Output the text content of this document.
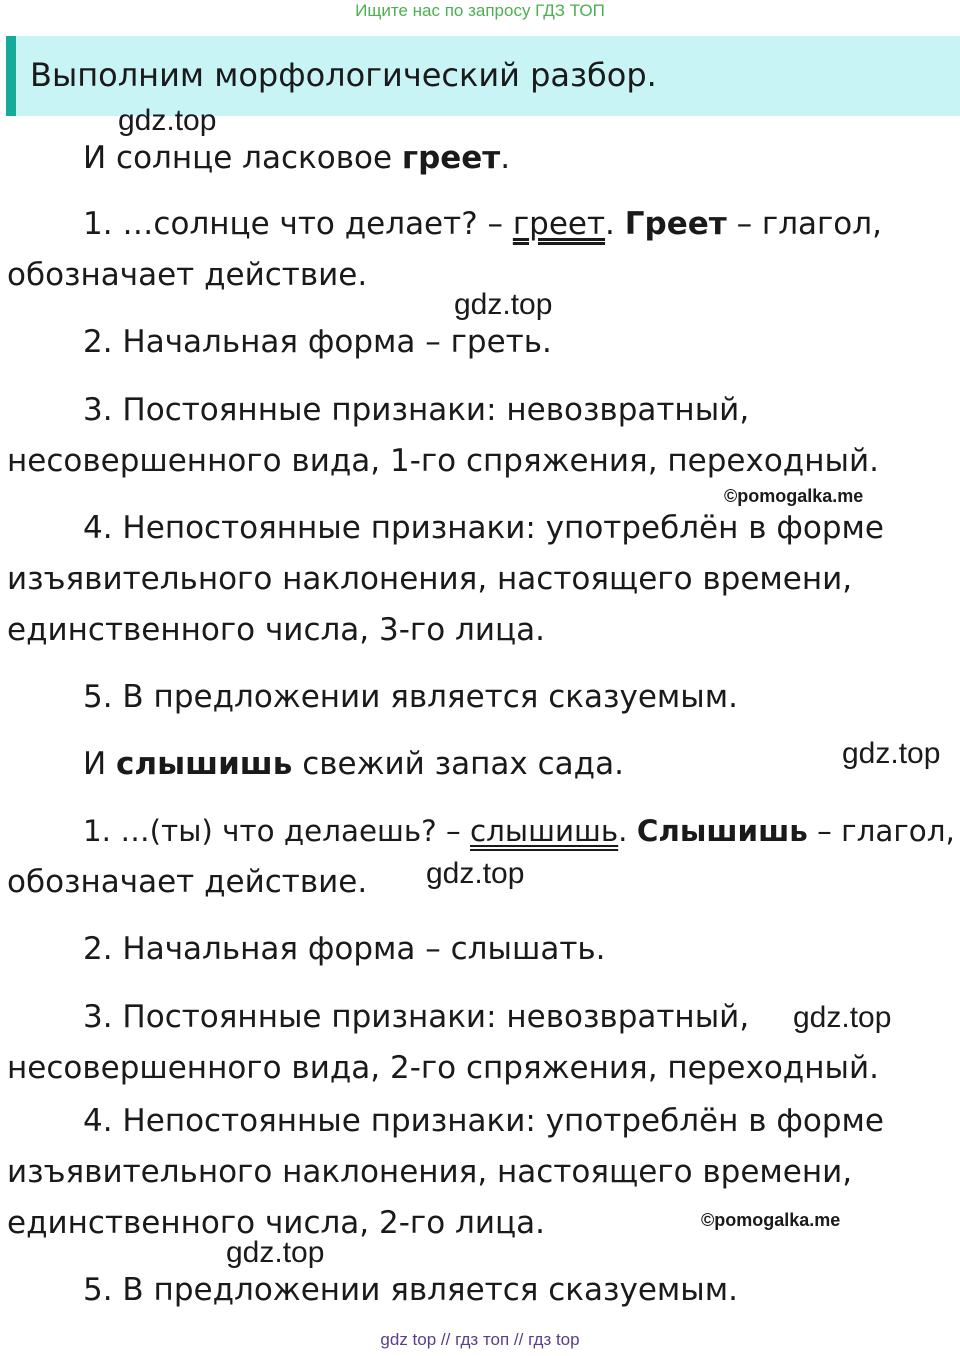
Ищите нас по запросу ГДЗ ТОП
Выполним морфологический разбор.
gdz.top
gdz.top
©pomogalka.me
gdz.top
gdz.top
gdz.top
©pomogalka.me
gdz.top
И солнце ласковое греет.
1. …солнце что делает? – греет. Греет – глагол,
обозначает действие.
2. Начальная форма – греть.
3. Постоянные признаки: невозвратный,
несовершенного вида, 1-го спряжения, переходный.
4. Непостоянные признаки: употреблён в форме
изъявительного наклонения, настоящего времени,
единственного числа, 3-го лица.
5. В предложении является сказуемым.
И слышишь свежий запах сада.
1. …(ты) что делаешь? – слышишь. Слышишь – глагол,
обозначает действие.
2. Начальная форма – слышать.
3. Постоянные признаки: невозвратный,
несовершенного вида, 2-го спряжения, переходный.
4. Непостоянные признаки: употреблён в форме
изъявительного наклонения, настоящего времени,
единственного числа, 2-го лица.
5. В предложении является сказуемым.
gdz top // гдз топ // гдз top
